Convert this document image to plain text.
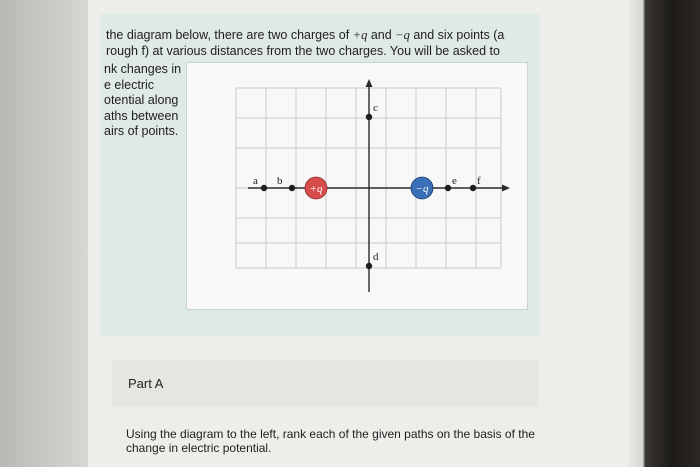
the diagram below, there are two charges of +q and −q and six points (a
rough f) at various distances from the two charges. You will be asked to
nk changes in
e electric
otential along
aths between
airs of points.
a b
c
d
e f
+q	−q
Part A
Using the diagram to the left, rank each of the given paths on the basis of the change in electric potential.
